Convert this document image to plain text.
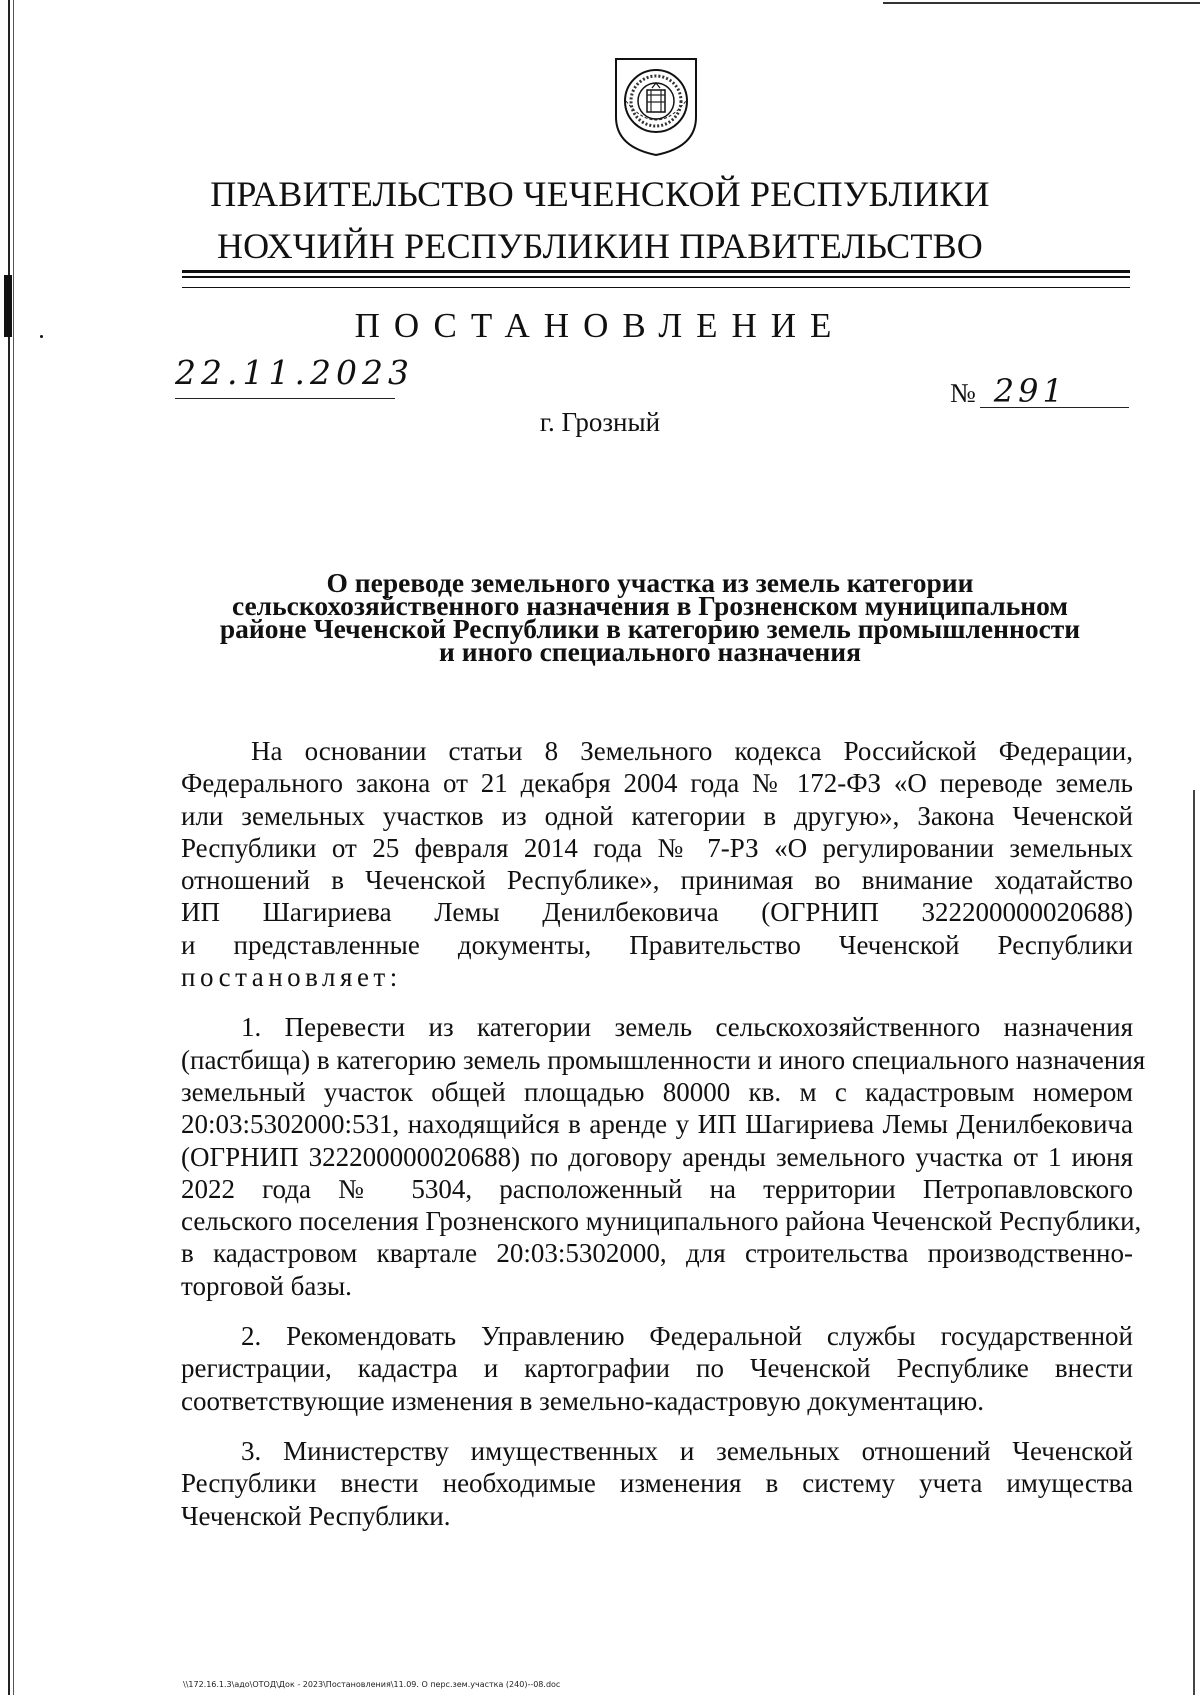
ПРАВИТЕЛЬСТВО ЧЕЧЕНСКОЙ РЕСПУБЛИКИ
НОХЧИЙН РЕСПУБЛИКИН ПРАВИТЕЛЬСТВО
ПОСТАНОВЛЕНИЕ
22.11.2023
№ 291
г. Грозный
О переводе земельного участка из земель категории
сельскохозяйственного назначения в Грозненском муниципальном
районе Чеченской Республики в категорию земель промышленности
и иного специального назначения
На основании статьи 8 Земельного кодекса Российской Федерации,
Федерального закона от 21 декабря 2004 года № 172-ФЗ «О переводе земель
или земельных участков из одной категории в другую», Закона Чеченской
Республики от 25 февраля 2014 года № 7-РЗ «О регулировании земельных
отношений в Чеченской Республике», принимая во внимание ходатайство
ИП Шагириева Лемы Денилбековича (ОГРНИП 322200000020688)
и представленные документы, Правительство Чеченской Республики
постановляет:
1. Перевести из категории земель сельскохозяйственного назначения
(пастбища) в категорию земель промышленности и иного специального назначения
земельный участок общей площадью 80000 кв. м с кадастровым номером
20:03:5302000:531, находящийся в аренде у ИП Шагириева Лемы Денилбековича
(ОГРНИП 322200000020688) по договору аренды земельного участка от 1 июня
2022 года № 5304, расположенный на территории Петропавловского
сельского поселения Грозненского муниципального района Чеченской Республики,
в кадастровом квартале 20:03:5302000, для строительства производственно-
торговой базы.
2. Рекомендовать Управлению Федеральной службы государственной
регистрации, кадастра и картографии по Чеченской Республике внести
соответствующие изменения в земельно-кадастровую документацию.
3. Министерству имущественных и земельных отношений Чеченской
Республики внести необходимые изменения в систему учета имущества
Чеченской Республики.
\\172.16.1.3\адо\ОТОД\Док - 2023\Постановления\11.09. О перс.зем.участка (240)--08.doc
